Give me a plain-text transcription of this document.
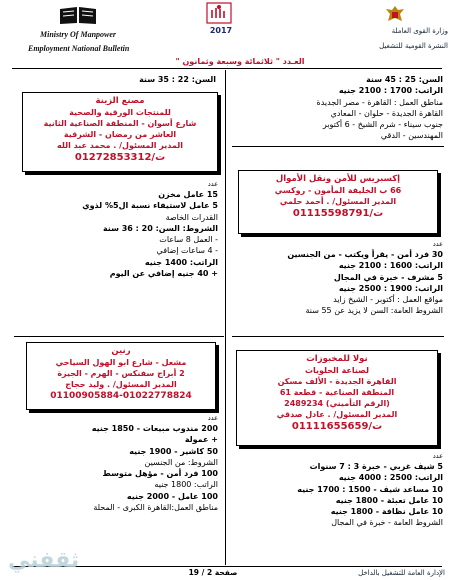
2017	وزارة القوى العاملة
Ministry Of Manpower
النشرة القومية للتشغيل
Employment National Bulletin
العـدد " ثلاثمائة وسبعة وثمانون "
السن: 25 : 45 سنة
الراتب: 1700 : 2100 جنيه
مناطق العمل : القاهرة - مصر الجديدة
القاهرة الجديدة - حلوان - المعادي
جنوب سيناء - شرم الشيخ - 6 أكتوبر
المهندسين - الدقي
إكسبريس للأمن ونقل الأموال
66 ب الخليفة المأمون - روكسي
المدير المسئول/ . أحمد حلمي
ت/01115598791
عدد
30 فرد أمن - يقرأ ويكتب - من الجنسين
الراتب: 1600 : 2100 جنيه
5 مشرف - خبرة في المجال
الراتب: 1900 : 2500 جنيه
مواقع العمل : أكتوبر - الشيخ زايد
الشروط العامة: السن لا يزيد عن 55 سنة
نولا للمخبوزات
لصناعة الحلويات
القاهرة الجديدة - الألف مسكن
المنطقة الصناعية - قطعة 61
(الرقم التأميني) 2489234
المدير المسئول/ . عادل صدقي
ت/01111655659
عدد
5 شيف غربي - خبرة 3 : 7 سنوات
الراتب: 2500 : 4000 جنيه
10 مساعد شيف - 1500 : 1700 جنيه
10 عامل تعبئة - 1800 جنيه
10 عامل نظافة - 1800 جنيه
الشروط العامة - خبرة في المجال
السن: 22 : 35 سنة
مصنع الزينة
للمنتجات الورقية والصحية
شارع أسوان - المنطقة الصناعية الثانية
العاشر من رمضان - الشرقية
المدير المسئول/ . محمد عبد الله
ت/01272853312
عدد
15 عامل مخزن
5 عامل لاستيفاء نسبة ال5% لذوي
القدرات الخاصة
الشروط: السن: 20 : 36 سنة
- العمل 8 ساعات
- 4 ساعات إضافي
الراتب: 1400 جنيه
+ 40 جنيه إضافي عن اليوم
رنين
مشعل - شارع ابو الهول السياحي
2 أبراج سفنكس - الهرم - الجيزة
المدير المسئول/ . وليد حجاج
01100905884-01022778824
عدد
200 مندوب مبيعات - 1850 جنيه
+ عمولة
50 كاشير - 1900 جنيه
الشروط: من الجنسين
100 فرد أمن - مؤهل متوسط
الراتب: 1800 جنيه
100 عامل - 2000 جنيه
مناطق العمل:القاهرة الكبرى - المحلة
صفحة 2 / 19	الإدارة العامة للتشغيل بالداخل
ثقفني
